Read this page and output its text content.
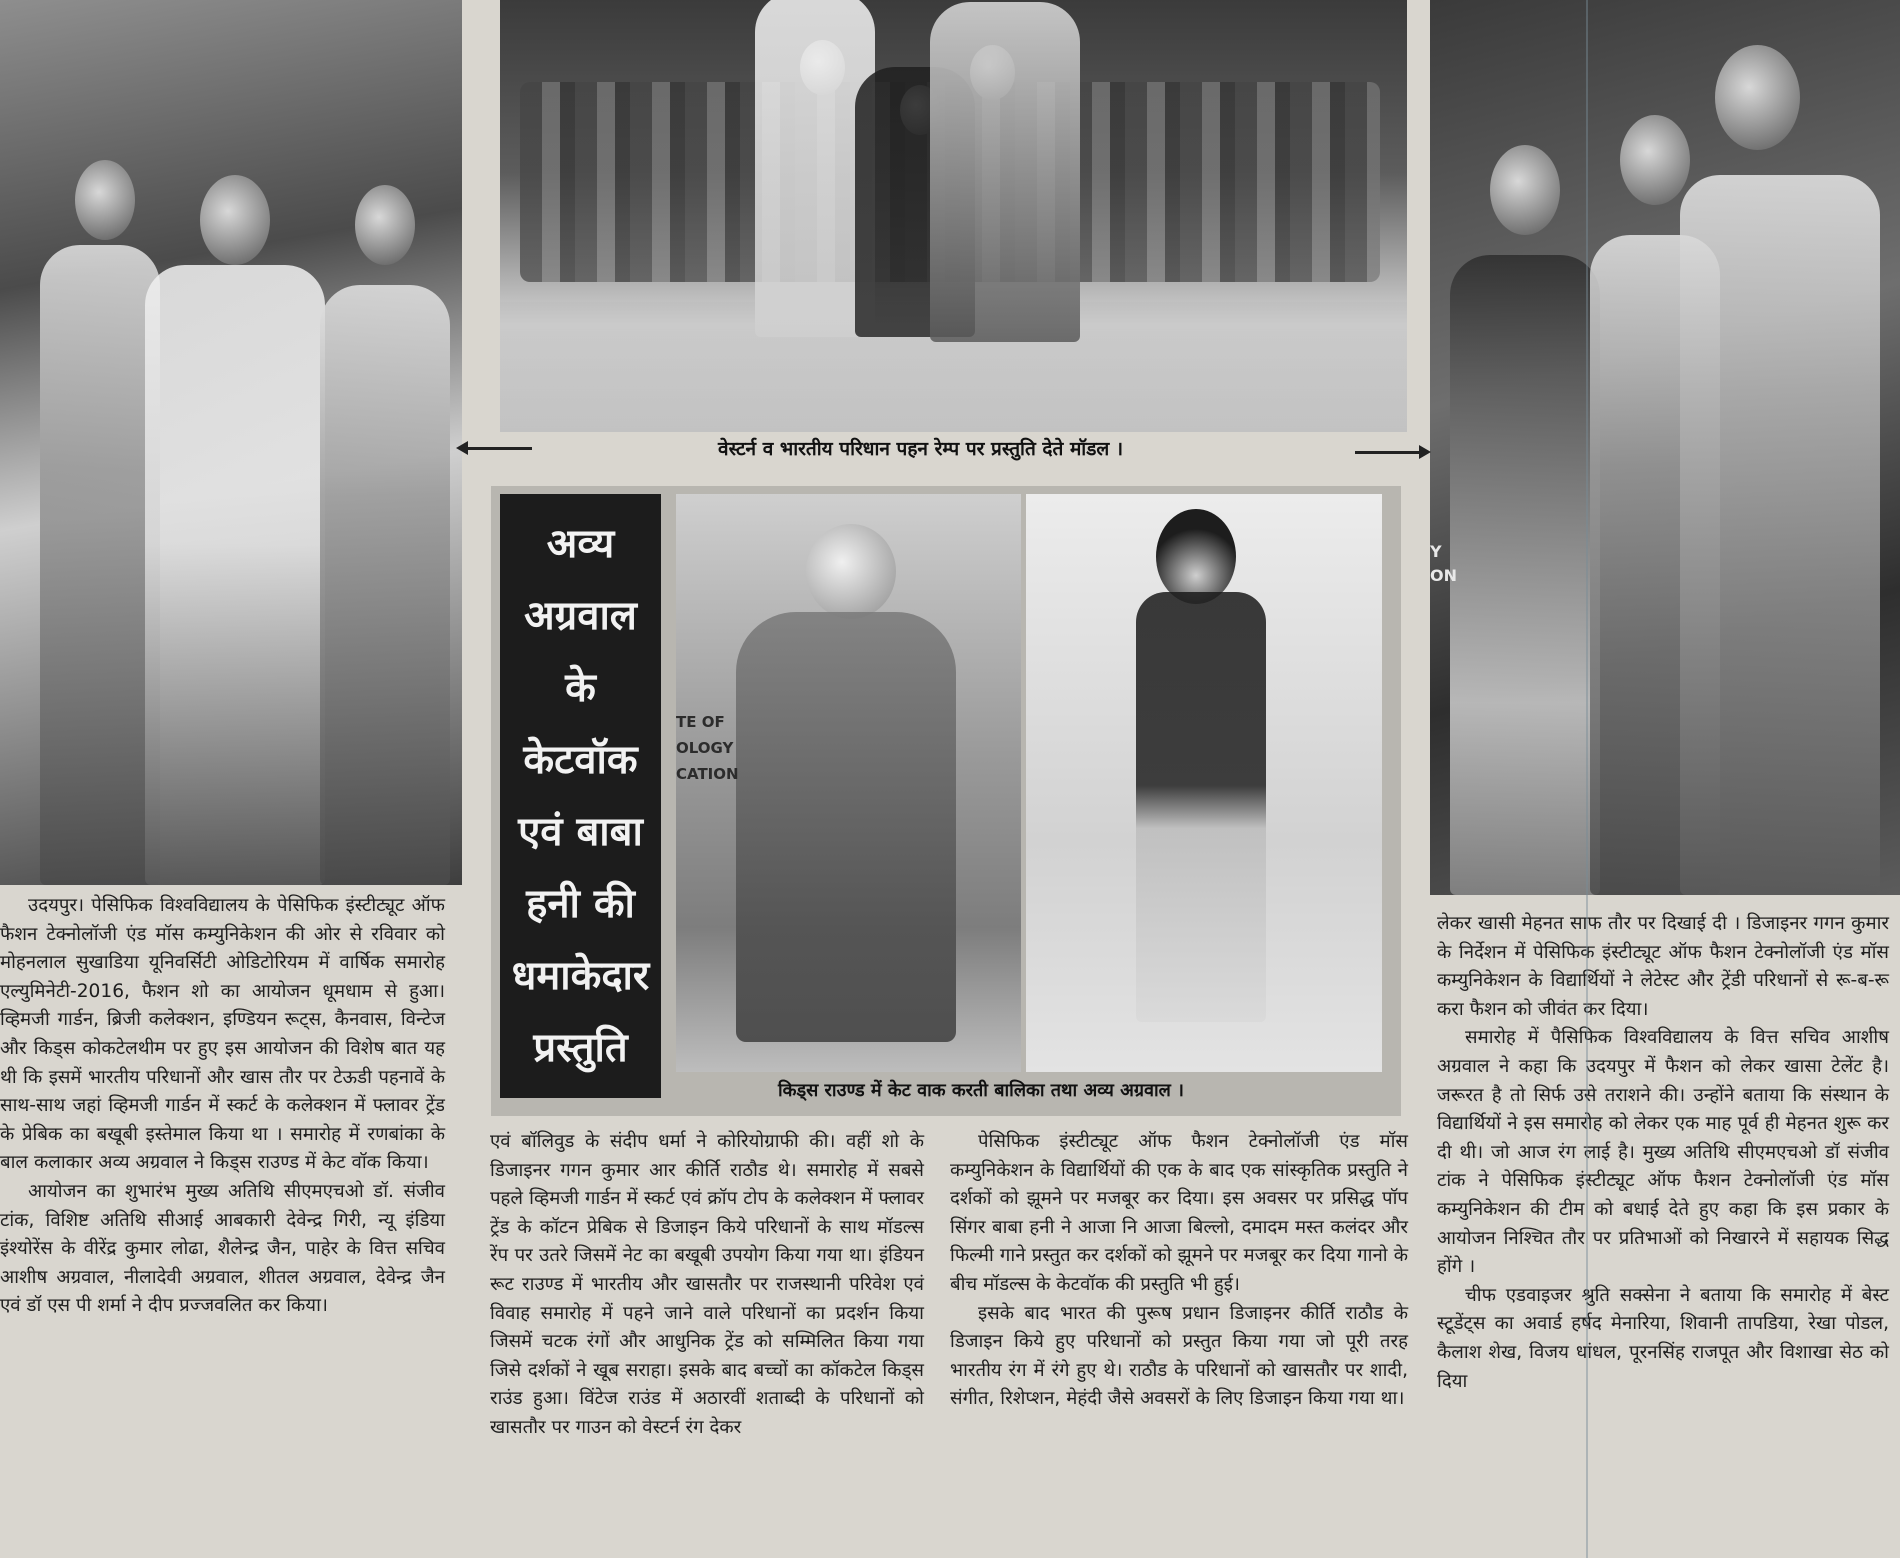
Y
ON
वेस्टर्न व भारतीय परिधान पहन रेम्प पर प्रस्तुति देते मॉडल ।
अव्य
अग्रवाल
के
केटवॉक
एवं बाबा
हनी की
धमाकेदार
प्रस्तुति
TE OF
OLOGY
CATION
किड्स राउण्ड में केट वाक करती बालिका तथा अव्य अग्रवाल ।

उदयपुर। पेसिफिक विश्वविद्यालय के पेसिफिक इंस्टीट्यूट ऑफ फैशन टेक्नोलॉजी एंड मॉस कम्युनिकेशन की ओर से रविवार को मोहनलाल सुखाडिया यूनिवर्सिटी ओडिटोरियम में वार्षिक समारोह एल्युमिनेटी-2016, फैशन शो का आयोजन धूमधाम से हुआ। व्हिमजी गार्डन, ब्रिजी कलेक्शन, इण्डियन रूट्स, कैनवास, विन्टेज और किड्स कोकटेलथीम पर हुए इस आयोजन की विशेष बात यह थी कि इसमें भारतीय परिधानों और खास तौर पर टेऊडी पहनावें के साथ-साथ जहां व्हिमजी गार्डन में स्कर्ट के कलेक्शन में फ्लावर ट्रेंड के प्रेबिक का बखूबी इस्तेमाल किया था । समारोह में रणबांका के बाल कलाकार अव्य अग्रवाल ने किड्स राउण्ड में केट वॉक किया।

आयोजन का शुभारंभ मुख्य अतिथि सीएमएचओ डॉ. संजीव टांक, विशिष्ट अतिथि सीआई आबकारी देवेन्द्र गिरी, न्यू इंडिया इंश्योरेंस के वीरेंद्र कुमार लोढा, शैलेन्द्र जैन, पाहेर के वित्त सचिव आशीष अग्रवाल, नीलादेवी अग्रवाल, शीतल अग्रवाल, देवेन्द्र जैन एवं डॉ एस पी शर्मा ने दीप प्रज्जवलित कर किया।

एवं बॉलिवुड के संदीप धर्मा ने कोरियोग्राफी की। वहीं शो के डिजाइनर गगन कुमार आर कीर्ति राठौड थे। समारोह में सबसे पहले व्हिमजी गार्डन में स्कर्ट एवं क्रॉप टोप के कलेक्शन में फ्लावर ट्रेंड के कॉटन प्रेबिक से डिजाइन किये परिधानों के साथ मॉडल्स रेंप पर उतरे जिसमें नेट का बखूबी उपयोग किया गया था। इंडियन रूट राउण्ड में भारतीय और खासतौर पर राजस्थानी परिवेश एवं विवाह समारोह में पहने जाने वाले परिधानों का प्रदर्शन किया जिसमें चटक रंगों और आधुनिक ट्रेंड को सम्मिलित किया गया जिसे दर्शकों ने खूब सराहा। इसके बाद बच्चों का कॉकटेल किड्स राउंड हुआ। विंटेज राउंड में अठारवीं शताब्दी के परिधानों को खासतौर पर गाउन को वेस्टर्न रंग देकर

पेसिफिक इंस्टीट्यूट ऑफ फैशन टेक्नोलॉजी एंड मॉस कम्युनिकेशन के विद्यार्थियों की एक के बाद एक सांस्कृतिक प्रस्तुति ने दर्शकों को झूमने पर मजबूर कर दिया। इस अवसर पर प्रसिद्ध पॉप सिंगर बाबा हनी ने आजा नि आजा बिल्लो, दमादम मस्त कलंदर और फिल्मी गाने प्रस्तुत कर दर्शकों को झूमने पर मजबूर कर दिया गानो के बीच मॉडल्स के केटवॉक की प्रस्तुति भी हुई।

इसके बाद भारत की पुरूष प्रधान डिजाइनर कीर्ति राठौड के डिजाइन किये हुए परिधानों को प्रस्तुत किया गया जो पूरी तरह भारतीय रंग में रंगे हुए थे। राठौड के परिधानों को खासतौर पर शादी, संगीत, रिशेप्शन, मेहंदी जैसे अवसरों के लिए डिजाइन किया गया था।

लेकर खासी मेहनत साफ तौर पर दिखाई दी । डिजाइनर गगन कुमार के निर्देशन में पेसिफिक इंस्टीट्यूट ऑफ फैशन टेक्नोलॉजी एंड मॉस कम्युनिकेशन के विद्यार्थियों ने लेटेस्ट और ट्रेंडी परिधानों से रू-ब-रू करा फैशन को जीवंत कर दिया।

समारोह में पैसिफिक विश्वविद्यालय के वित्त सचिव आशीष अग्रवाल ने कहा कि उदयपुर में फैशन को लेकर खासा टेलेंट है। जरूरत है तो सिर्फ उसे तराशने की। उन्होंने बताया कि संस्थान के विद्यार्थियों ने इस समारोह को लेकर एक माह पूर्व ही मेहनत शुरू कर दी थी। जो आज रंग लाई है। मुख्य अतिथि सीएमएचओ डॉ संजीव टांक ने पेसिफिक इंस्टीट्यूट ऑफ फैशन टेक्नोलॉजी एंड मॉस कम्युनिकेशन की टीम को बधाई देते हुए कहा कि इस प्रकार के आयोजन निश्चित तौर पर प्रतिभाओं को निखारने में सहायक सिद्ध होंगे ।

चीफ एडवाइजर श्रुति सक्सेना ने बताया कि समारोह में बेस्ट स्टूडेंट्स का अवार्ड हर्षद मेनारिया, शिवानी तापडिया, रेखा पोडल, कैलाश शेख, विजय धांधल, पूरनसिंह राजपूत और विशाखा सेठ को दिया
